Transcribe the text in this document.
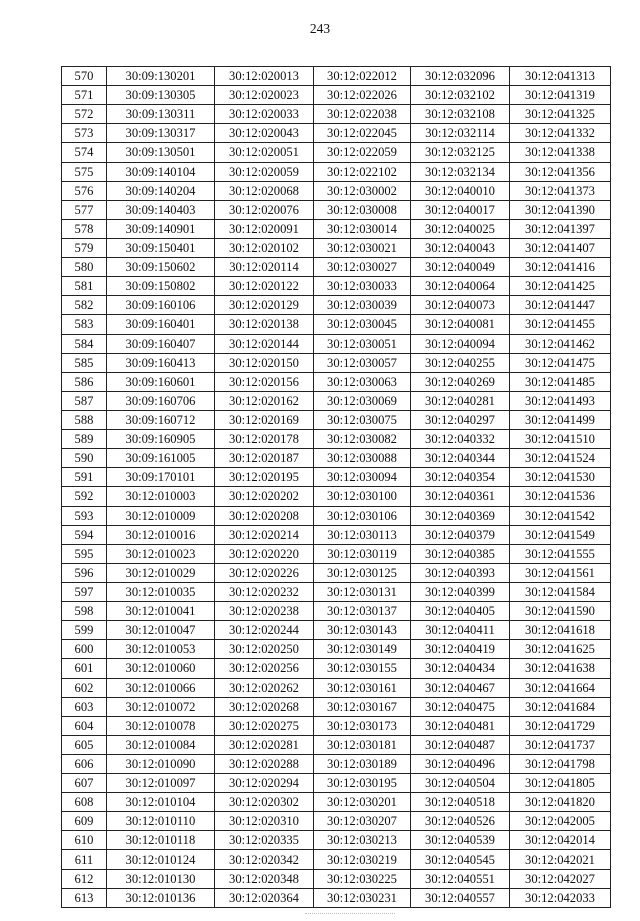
243
570	30:09:130201	30:12:020013	30:12:022012	30:12:032096	30:12:041313
571	30:09:130305	30:12:020023	30:12:022026	30:12:032102	30:12:041319
572	30:09:130311	30:12:020033	30:12:022038	30:12:032108	30:12:041325
573	30:09:130317	30:12:020043	30:12:022045	30:12:032114	30:12:041332
574	30:09:130501	30:12:020051	30:12:022059	30:12:032125	30:12:041338
575	30:09:140104	30:12:020059	30:12:022102	30:12:032134	30:12:041356
576	30:09:140204	30:12:020068	30:12:030002	30:12:040010	30:12:041373
577	30:09:140403	30:12:020076	30:12:030008	30:12:040017	30:12:041390
578	30:09:140901	30:12:020091	30:12:030014	30:12:040025	30:12:041397
579	30:09:150401	30:12:020102	30:12:030021	30:12:040043	30:12:041407
580	30:09:150602	30:12:020114	30:12:030027	30:12:040049	30:12:041416
581	30:09:150802	30:12:020122	30:12:030033	30:12:040064	30:12:041425
582	30:09:160106	30:12:020129	30:12:030039	30:12:040073	30:12:041447
583	30:09:160401	30:12:020138	30:12:030045	30:12:040081	30:12:041455
584	30:09:160407	30:12:020144	30:12:030051	30:12:040094	30:12:041462
585	30:09:160413	30:12:020150	30:12:030057	30:12:040255	30:12:041475
586	30:09:160601	30:12:020156	30:12:030063	30:12:040269	30:12:041485
587	30:09:160706	30:12:020162	30:12:030069	30:12:040281	30:12:041493
588	30:09:160712	30:12:020169	30:12:030075	30:12:040297	30:12:041499
589	30:09:160905	30:12:020178	30:12:030082	30:12:040332	30:12:041510
590	30:09:161005	30:12:020187	30:12:030088	30:12:040344	30:12:041524
591	30:09:170101	30:12:020195	30:12:030094	30:12:040354	30:12:041530
592	30:12:010003	30:12:020202	30:12:030100	30:12:040361	30:12:041536
593	30:12:010009	30:12:020208	30:12:030106	30:12:040369	30:12:041542
594	30:12:010016	30:12:020214	30:12:030113	30:12:040379	30:12:041549
595	30:12:010023	30:12:020220	30:12:030119	30:12:040385	30:12:041555
596	30:12:010029	30:12:020226	30:12:030125	30:12:040393	30:12:041561
597	30:12:010035	30:12:020232	30:12:030131	30:12:040399	30:12:041584
598	30:12:010041	30:12:020238	30:12:030137	30:12:040405	30:12:041590
599	30:12:010047	30:12:020244	30:12:030143	30:12:040411	30:12:041618
600	30:12:010053	30:12:020250	30:12:030149	30:12:040419	30:12:041625
601	30:12:010060	30:12:020256	30:12:030155	30:12:040434	30:12:041638
602	30:12:010066	30:12:020262	30:12:030161	30:12:040467	30:12:041664
603	30:12:010072	30:12:020268	30:12:030167	30:12:040475	30:12:041684
604	30:12:010078	30:12:020275	30:12:030173	30:12:040481	30:12:041729
605	30:12:010084	30:12:020281	30:12:030181	30:12:040487	30:12:041737
606	30:12:010090	30:12:020288	30:12:030189	30:12:040496	30:12:041798
607	30:12:010097	30:12:020294	30:12:030195	30:12:040504	30:12:041805
608	30:12:010104	30:12:020302	30:12:030201	30:12:040518	30:12:041820
609	30:12:010110	30:12:020310	30:12:030207	30:12:040526	30:12:042005
610	30:12:010118	30:12:020335	30:12:030213	30:12:040539	30:12:042014
611	30:12:010124	30:12:020342	30:12:030219	30:12:040545	30:12:042021
612	30:12:010130	30:12:020348	30:12:030225	30:12:040551	30:12:042027
613	30:12:010136	30:12:020364	30:12:030231	30:12:040557	30:12:042033
